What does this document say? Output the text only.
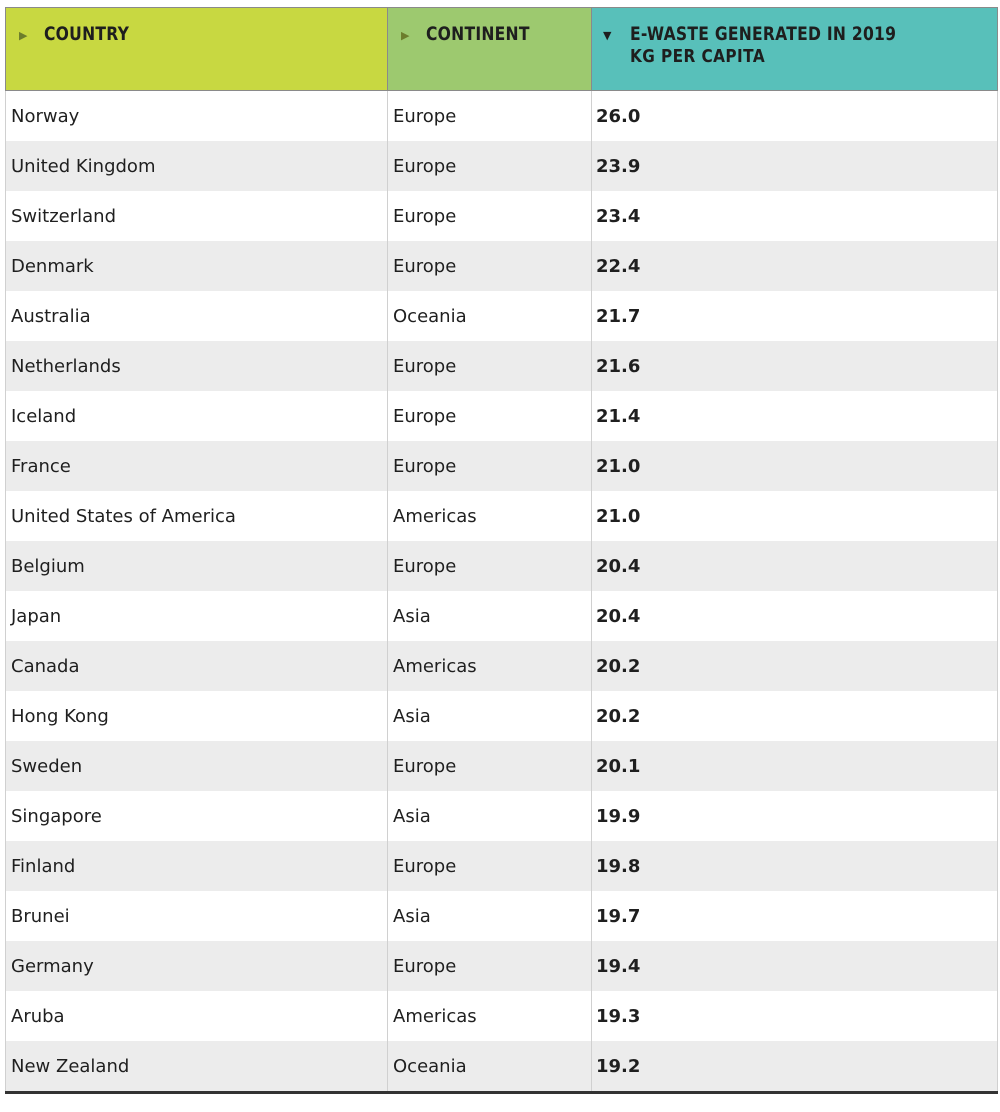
▶ COUNTRY	▶ CONTINENT	▼ E-WASTE GENERATED IN 2019
KG PER CAPITA

Norway	Europe	26.0
United Kingdom	Europe	23.9
Switzerland	Europe	23.4
Denmark	Europe	22.4
Australia	Oceania	21.7
Netherlands	Europe	21.6
Iceland	Europe	21.4
France	Europe	21.0
United States of America	Americas	21.0
Belgium	Europe	20.4
Japan	Asia	20.4
Canada	Americas	20.2
Hong Kong	Asia	20.2
Sweden	Europe	20.1
Singapore	Asia	19.9
Finland	Europe	19.8
Brunei	Asia	19.7
Germany	Europe	19.4
Aruba	Americas	19.3
New Zealand	Oceania	19.2
